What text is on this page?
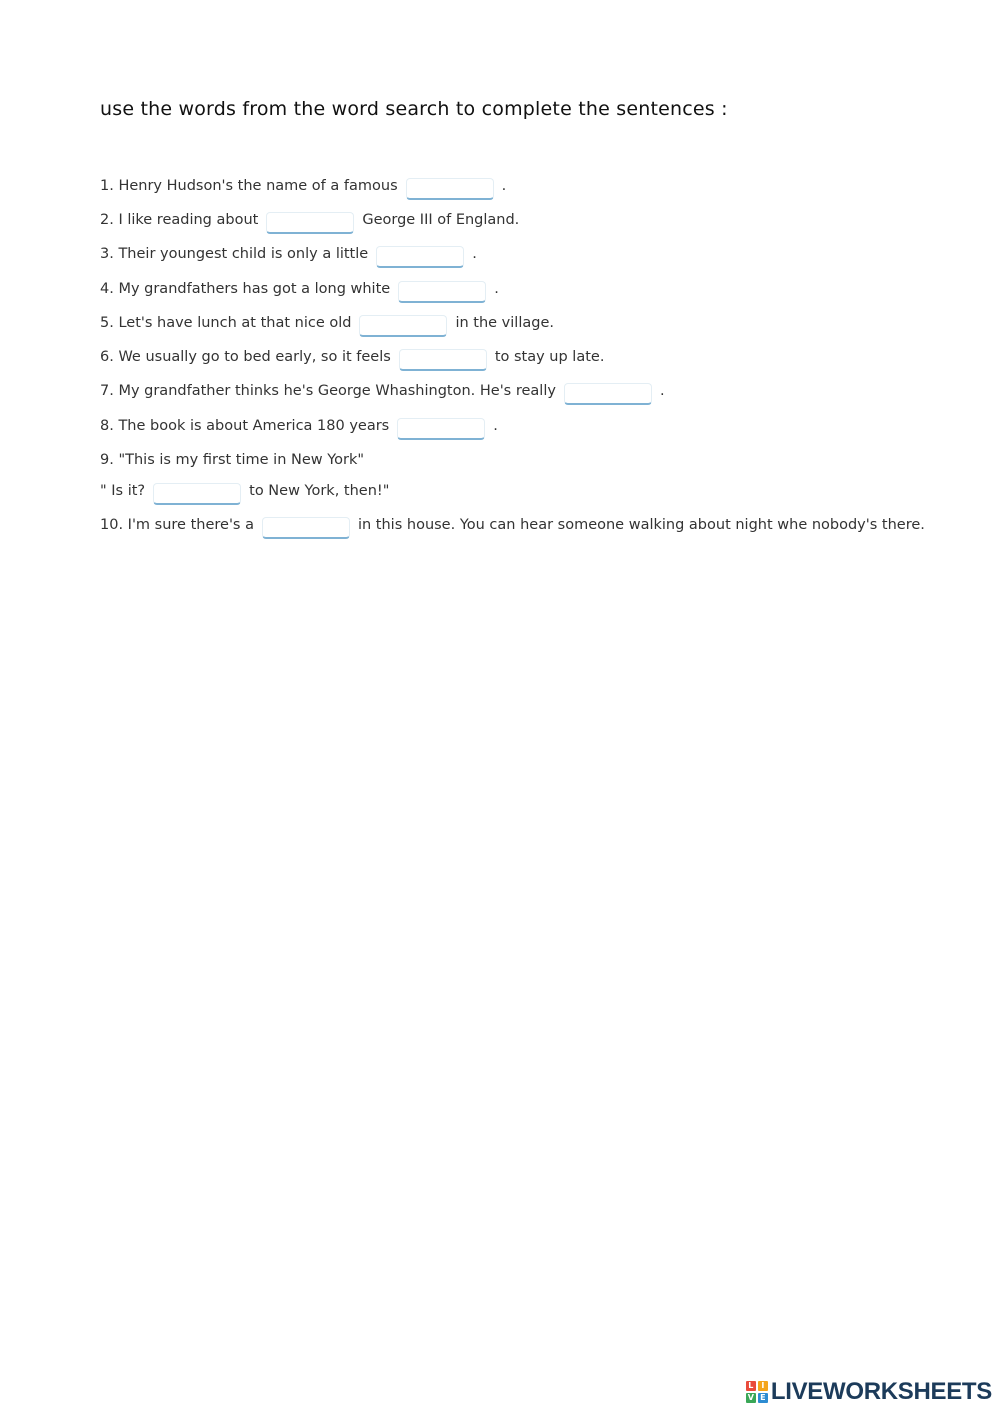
use the words from the word search to complete the sentences :
1. Henry Hudson's the name of a famous	.
2. I like reading about	George III of England.
3. Their youngest child is only a little	.
4. My grandfathers has got a long white	.
5. Let's have lunch at that nice old	in the village.
6. We usually go to bed early, so it feels	to stay up late.
7. My grandfather thinks he's George Whashington. He's really	.
8. The book is about America 180 years	.
9. "This is my first time in New York"
" Is it?	to New York, then!"
10. I'm sure there's a	in this house. You can hear someone walking about night whe nobody's there.
L I
V E LIVEWORKSHEETS
